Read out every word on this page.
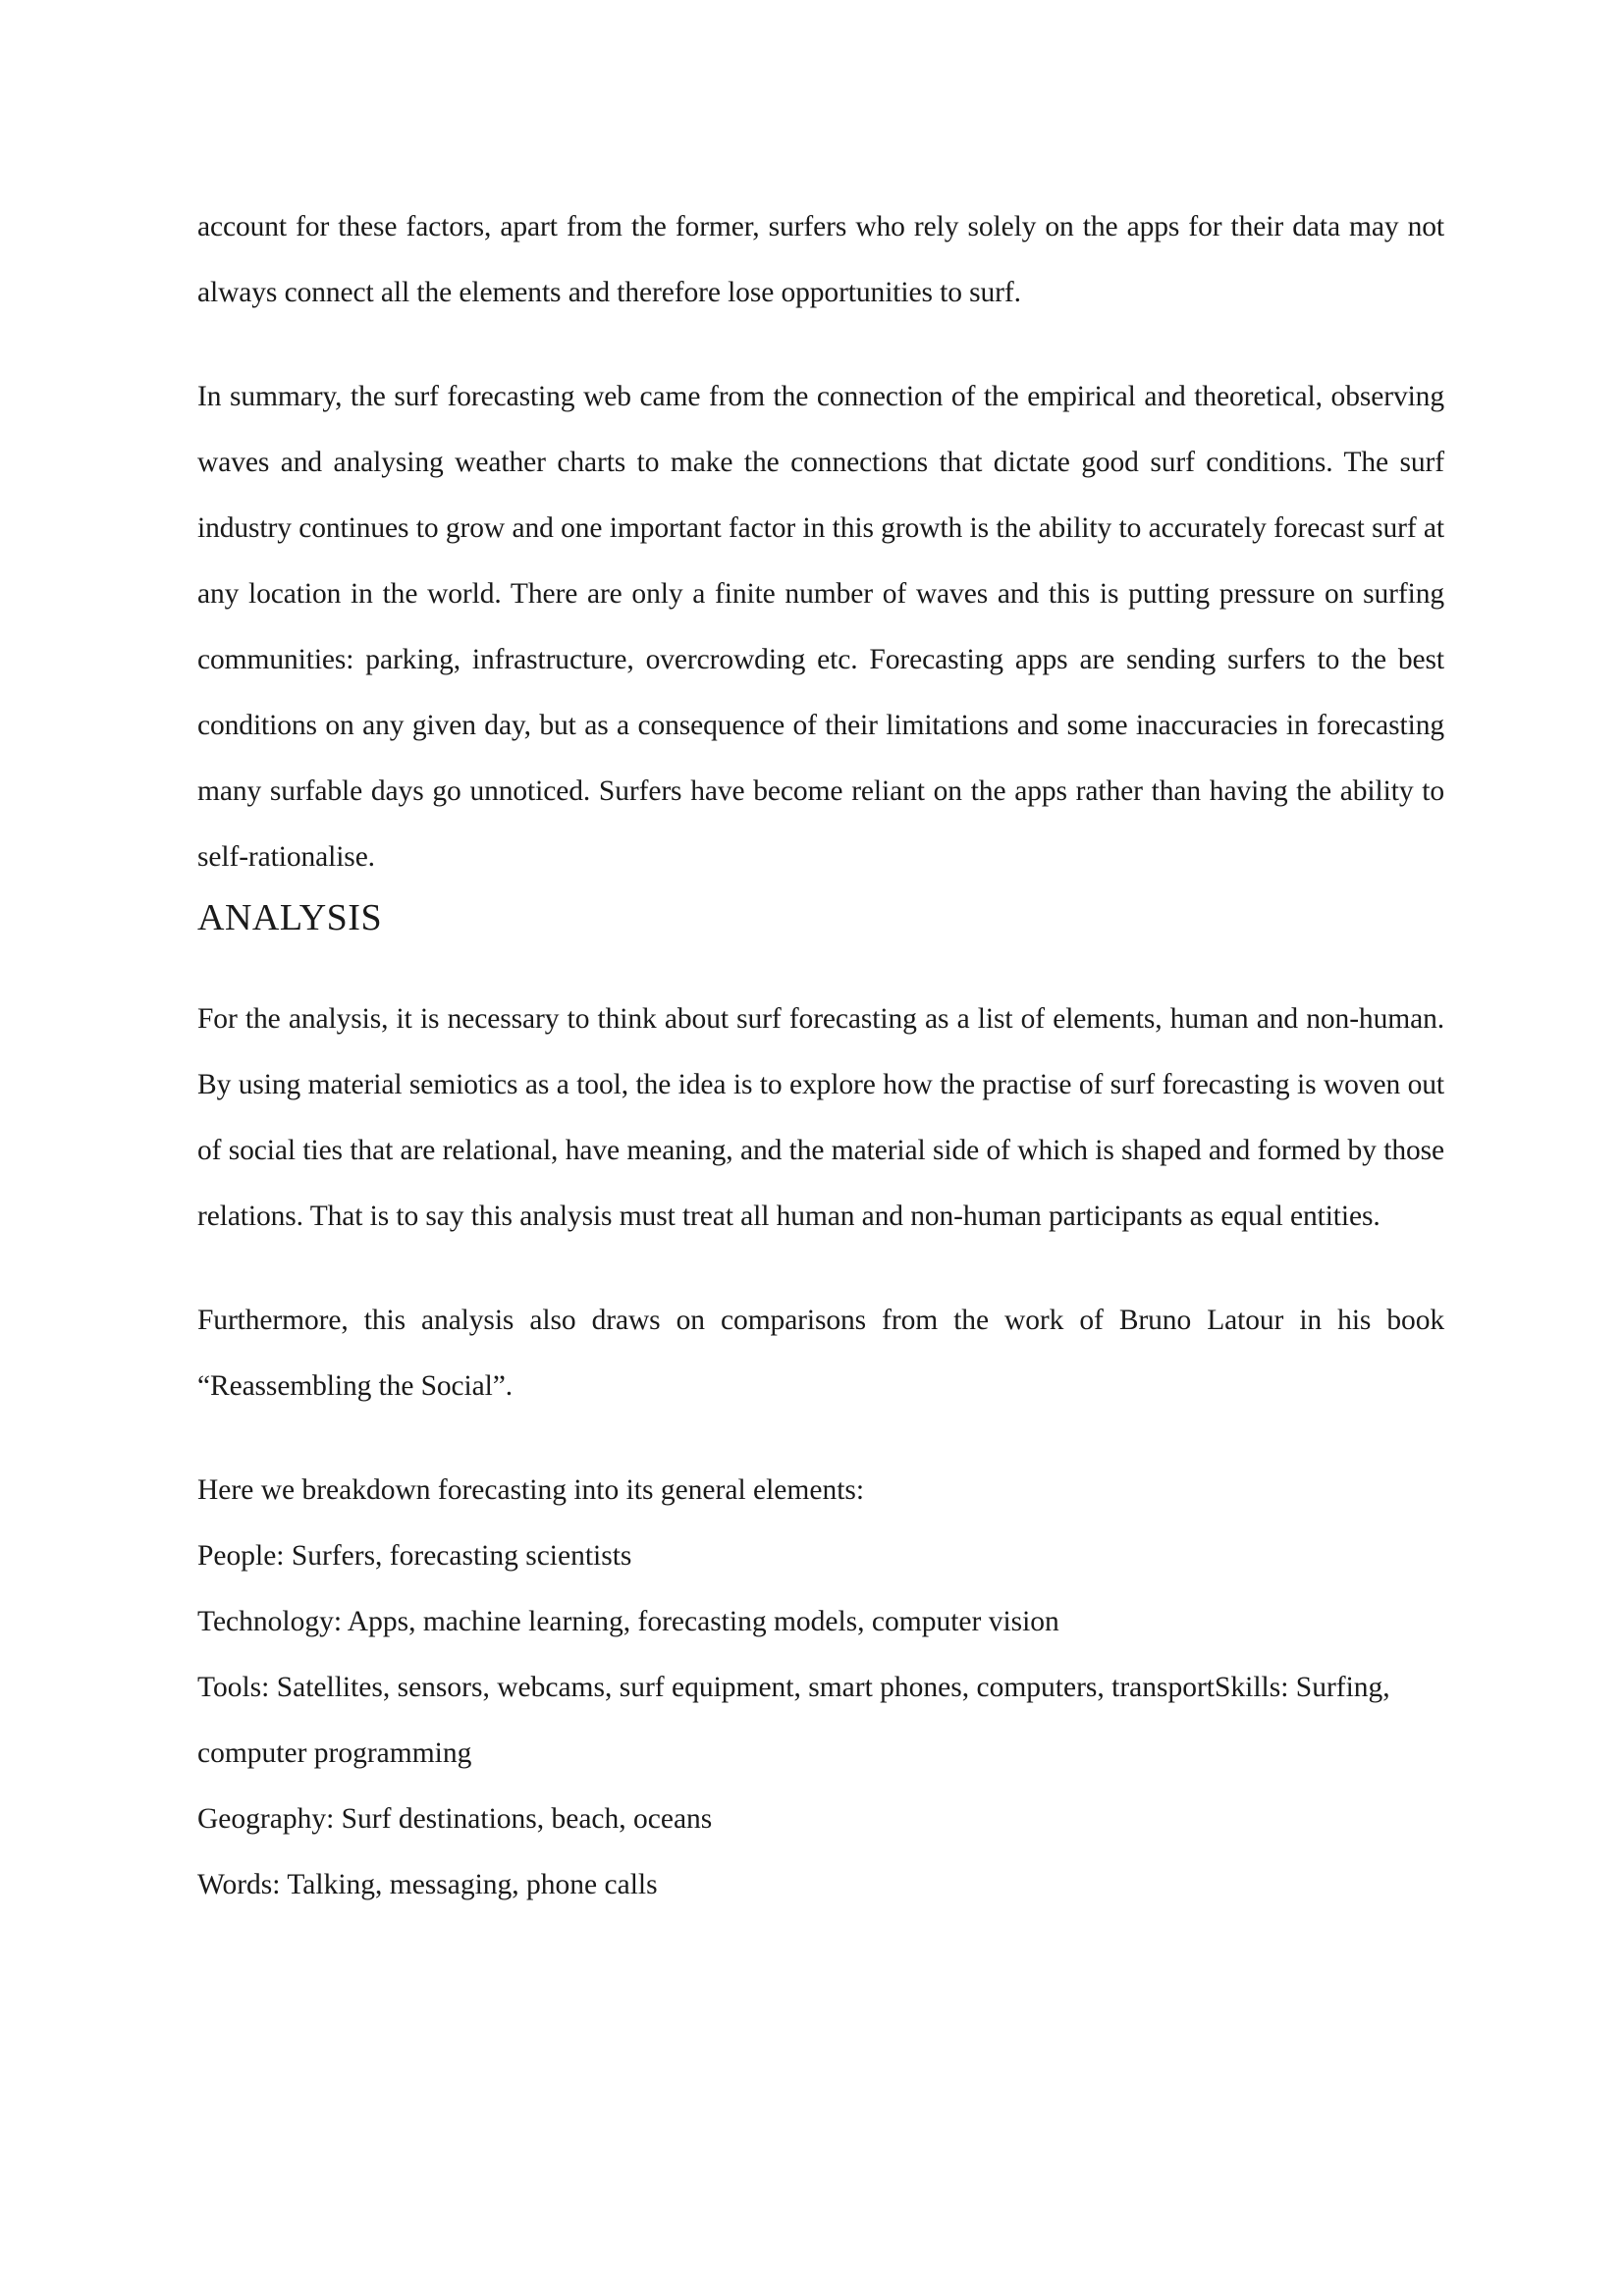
account for these factors, apart from the former, surfers who rely solely on the apps for their data may not always connect all the elements and therefore lose opportunities to surf.

In summary, the surf forecasting web came from the connection of the empirical and theoretical, observing waves and analysing weather charts to make the connections that dictate good surf conditions. The surf industry continues to grow and one important factor in this growth is the ability to accurately forecast surf at any location in the world. There are only a finite number of waves and this is putting pressure on surfing communities: parking, infrastructure, overcrowding etc. Forecasting apps are sending surfers to the best conditions on any given day, but as a consequence of their limitations and some inaccuracies in forecasting many surfable days go unnoticed. Surfers have become reliant on the apps rather than having the ability to self-rationalise.

ANALYSIS

For the analysis, it is necessary to think about surf forecasting as a list of elements, human and non-human. By using material semiotics as a tool, the idea is to explore how the practise of surf forecasting is woven out of social ties that are relational, have meaning, and the material side of which is shaped and formed by those relations. That is to say this analysis must treat all human and non-human participants as equal entities.

Furthermore, this analysis also draws on comparisons from the work of Bruno Latour in his book “Reassembling the Social”.

Here we breakdown forecasting into its general elements:

People: Surfers, forecasting scientists
Technology: Apps, machine learning, forecasting models, computer vision
Tools: Satellites, sensors, webcams, surf equipment, smart phones, computers, transportSkills: Surfing, computer programming
Geography: Surf destinations, beach, oceans
Words: Talking, messaging, phone calls
